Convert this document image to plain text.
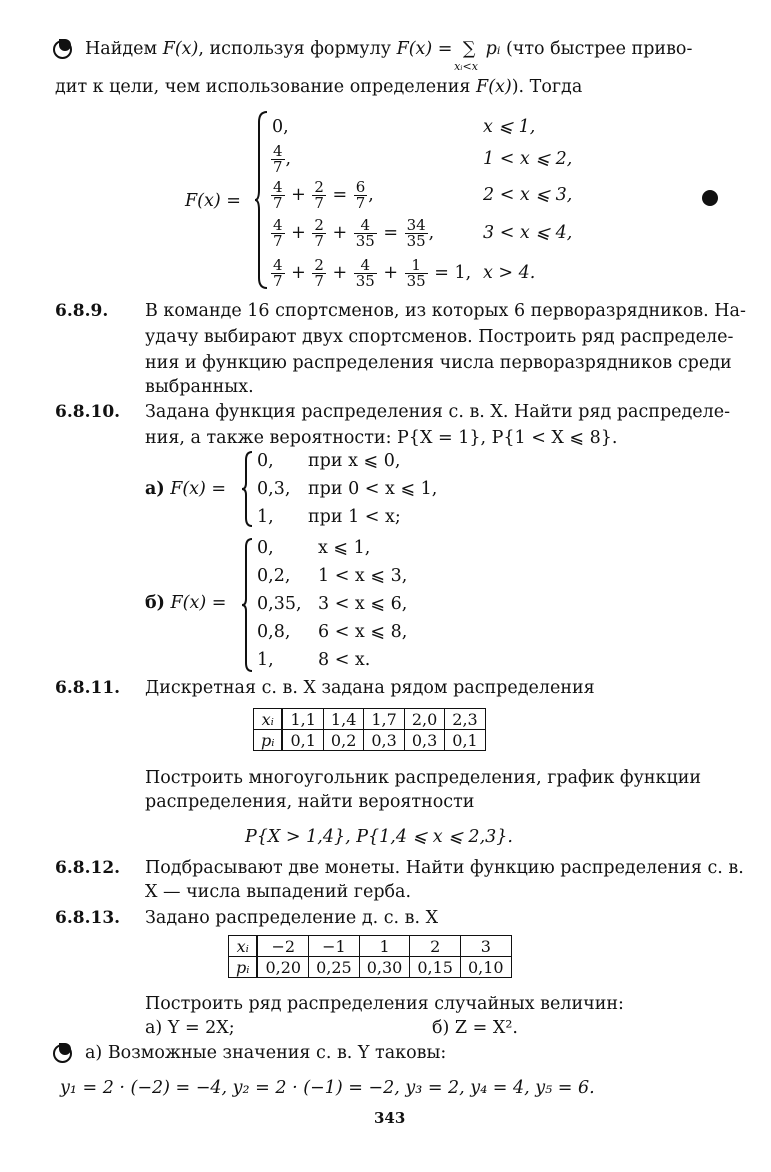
Найдем F(x), используя формулу F(x) = ∑
xᵢ<x
pᵢ (что быстрее приво-
дит к цели, чем использование определения F(x)). Тогда
F(x) =
0,	x ⩽ 1,
$\frac{4}{7}$ ,	1 < x ⩽ 2,
$\frac{4}{7} + \frac{2}{7} = \frac{6}{7}$ ,	2 < x ⩽ 3,
$\frac{4}{7} + \frac{2}{7} + \frac{4}{35} = \frac{34}{35}$ ,	3 < x ⩽ 4,
$\frac{4}{7} + \frac{2}{7} + \frac{4}{35} + \frac{1}{35} = 1$, x > 4.
6.8.9. В команде 16 спортсменов, из которых 6 перворазрядников. На-
удачу выбирают двух спортсменов. Построить ряд распределе-
ния и функцию распределения числа перворазрядников среди
выбранных.
6.8.10. Задана функция распределения с. в. X. Найти ряд распределе-
ния, а также вероятности: P{X = 1}, P{1 < X ⩽ 8}.
а) F(x) =
0, при x ⩽ 0,
0,3, при 0 < x ⩽ 1,
1, при 1 < x;
б) F(x) =
0,	x ⩽ 1,
0,2, 1 < x ⩽ 3,
0,35, 3 < x ⩽ 6,
0,8, 6 < x ⩽ 8,
1,	8 < x.
6.8.11. Дискретная с. в. X задана рядом распределения
xᵢ	1,1	1,4	1,7	2,0	2,3
pᵢ	0,1	0,2	0,3	0,3	0,1
Построить многоугольник распределения, график функции
распределения, найти вероятности
P{X > 1,4}, P{1,4 ⩽ x ⩽ 2,3}.
6.8.12. Подбрасывают две монеты. Найти функцию распределения с. в.
X — числа выпадений герба.
6.8.13. Задано распределение д. с. в. X
xᵢ	−2	−1	1	2	3
pᵢ	0,20	0,25	0,30	0,15	0,10
Построить ряд распределения случайных величин:
а) Y = 2X;	б) Z = X².
а) Возможные значения с. в. Y таковы:
y₁ = 2 · (−2) = −4, y₂ = 2 · (−1) = −2, y₃ = 2, y₄ = 4, y₅ = 6.
343
